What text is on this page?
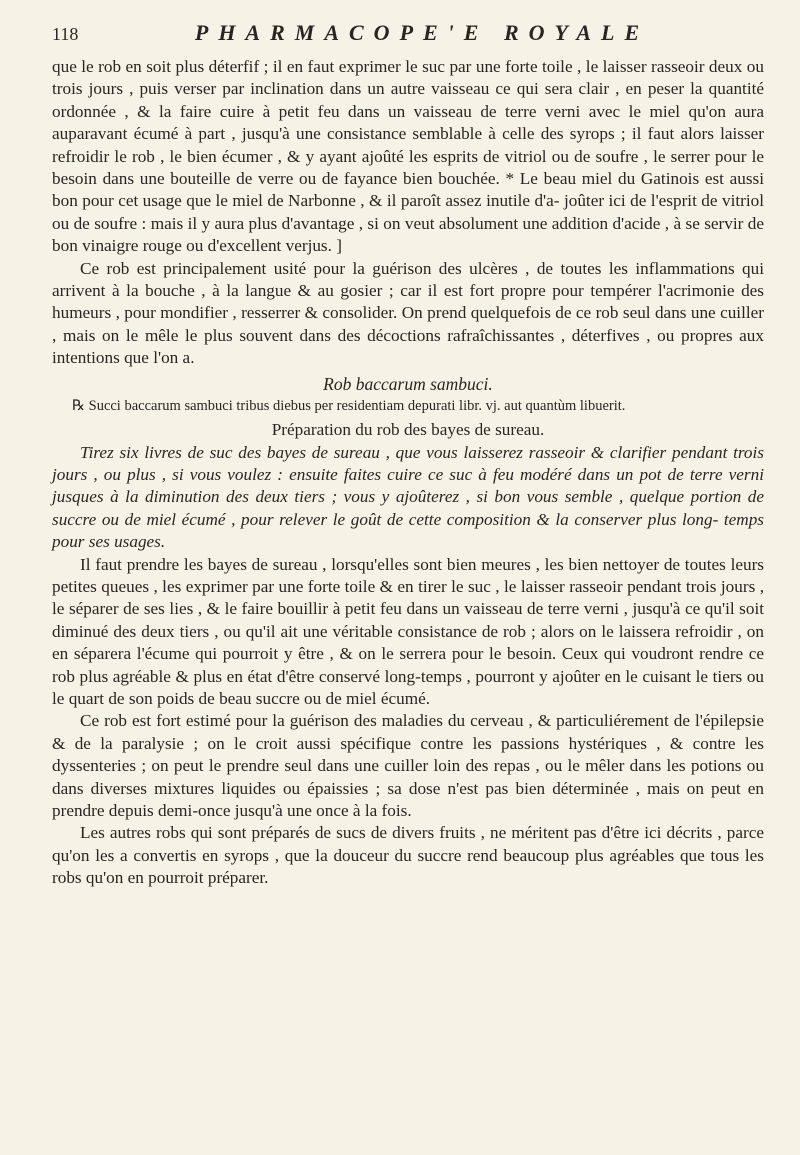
118	PHARMACOPE'E ROYALE

que le rob en soit plus déterfif ; il en faut exprimer le suc par une forte toile , le laisser rasseoir deux ou trois jours , puis verser par inclination dans un autre vaisseau ce qui sera clair , en peser la quantité ordonnée , & la faire cuire à petit feu dans un vaisseau de terre verni avec le miel qu'on aura auparavant écumé à part , jusqu'à une consistance semblable à celle des syrops ; il faut alors laisser refroidir le rob , le bien écumer , & y ayant ajoûté les esprits de vitriol ou de soufre , le serrer pour le besoin dans une bouteille de verre ou de fayance bien bouchée. * Le beau miel du Gatinois est aussi bon pour cet usage que le miel de Narbonne , & il paroît assez inutile d'a- joûter ici de l'esprit de vitriol ou de soufre : mais il y aura plus d'avantage , si on veut absolument une addition d'acide , à se servir de bon vinaigre rouge ou d'excellent verjus. ]

Ce rob est principalement usité pour la guérison des ulcères , de toutes les inflammations qui arrivent à la bouche , à la langue & au gosier ; car il est fort propre pour tempérer l'acrimonie des humeurs , pour mondifier , resserrer & consolider. On prend quelquefois de ce rob seul dans une cuiller , mais on le mêle le plus souvent dans des décoctions rafraîchissantes , déterfives , ou propres aux intentions que l'on a.

Rob baccarum sambuci.

℞ Succi baccarum sambuci tribus diebus per residentiam depurati libr. vj. aut quantùm libuerit.

Préparation du rob des bayes de sureau.

Tirez six livres de suc des bayes de sureau , que vous laisserez rasseoir & clarifier pendant trois jours , ou plus , si vous voulez : ensuite faites cuire ce suc à feu modéré dans un pot de terre verni jusques à la diminution des deux tiers ; vous y ajoûterez , si bon vous semble , quelque portion de succre ou de miel écumé , pour relever le goût de cette composition & la conserver plus long- temps pour ses usages.

Il faut prendre les bayes de sureau , lorsqu'elles sont bien meures , les bien nettoyer de toutes leurs petites queues , les exprimer par une forte toile & en tirer le suc , le laisser rasseoir pendant trois jours , le séparer de ses lies , & le faire bouillir à petit feu dans un vaisseau de terre verni , jusqu'à ce qu'il soit diminué des deux tiers , ou qu'il ait une véritable consistance de rob ; alors on le laissera refroidir , on en séparera l'écume qui pourroit y être , & on le serrera pour le besoin. Ceux qui voudront rendre ce rob plus agréable & plus en état d'être conservé long-temps , pourront y ajoûter en le cuisant le tiers ou le quart de son poids de beau succre ou de miel écumé.

Ce rob est fort estimé pour la guérison des maladies du cerveau , & particuliérement de l'épilepsie & de la paralysie ; on le croit aussi spécifique contre les passions hystériques , & contre les dyssenteries ; on peut le prendre seul dans une cuiller loin des repas , ou le mêler dans les potions ou dans diverses mixtures liquides ou épaissies ; sa dose n'est pas bien déterminée , mais on peut en prendre depuis demi-once jusqu'à une once à la fois.

Les autres robs qui sont préparés de sucs de divers fruits , ne méritent pas d'être ici décrits , parce qu'on les a convertis en syrops , que la douceur du succre rend beaucoup plus agréables que tous les robs qu'on en pourroit préparer.
